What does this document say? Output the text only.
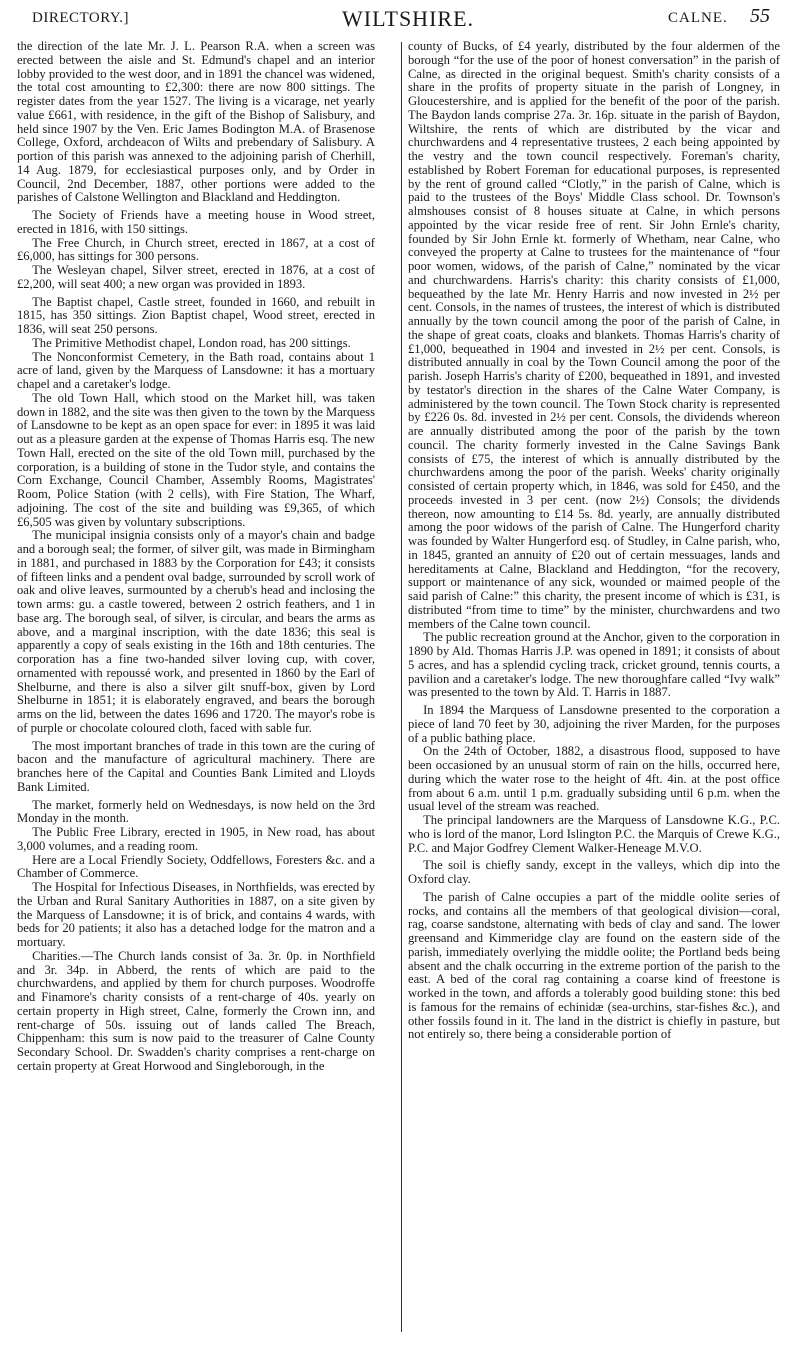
DIRECTORY.]	WILTSHIRE.	CALNE. 55

the direction of the late Mr. J. L. Pearson R.A. when a screen was erected between the aisle and St. Edmund's chapel and an interior lobby provided to the west door, and in 1891 the chancel was widened, the total cost amounting to £2,300: there are now 800 sittings. The register dates from the year 1527. The living is a vicarage, net yearly value £661, with residence, in the gift of the Bishop of Salisbury, and held since 1907 by the Ven. Eric James Bodington M.A. of Brasenose College, Oxford, archdeacon of Wilts and prebendary of Salisbury. A portion of this parish was annexed to the adjoining parish of Cherhill, 14 Aug. 1879, for ecclesiastical purposes only, and by Order in Council, 2nd December, 1887, other portions were added to the parishes of Calstone Wellington and Blackland and Heddington.

The Society of Friends have a meeting house in Wood street, erected in 1816, with 150 sittings.

The Free Church, in Church street, erected in 1867, at a cost of £6,000, has sittings for 300 persons.

The Wesleyan chapel, Silver street, erected in 1876, at a cost of £2,200, will seat 400; a new organ was provided in 1893.

The Baptist chapel, Castle street, founded in 1660, and rebuilt in 1815, has 350 sittings. Zion Baptist chapel, Wood street, erected in 1836, will seat 250 persons.

The Primitive Methodist chapel, London road, has 200 sittings.

The Nonconformist Cemetery, in the Bath road, contains about 1 acre of land, given by the Marquess of Lansdowne: it has a mortuary chapel and a caretaker's lodge.

The old Town Hall, which stood on the Market hill, was taken down in 1882, and the site was then given to the town by the Marquess of Lansdowne to be kept as an open space for ever: in 1895 it was laid out as a pleasure garden at the expense of Thomas Harris esq. The new Town Hall, erected on the site of the old Town mill, purchased by the corporation, is a building of stone in the Tudor style, and contains the Corn Exchange, Council Chamber, Assembly Rooms, Magistrates' Room, Police Station (with 2 cells), with Fire Station, The Wharf, adjoining. The cost of the site and building was £9,365, of which £6,505 was given by voluntary subscriptions.

The municipal insignia consists only of a mayor's chain and badge and a borough seal; the former, of silver gilt, was made in Birmingham in 1881, and purchased in 1883 by the Corporation for £43; it consists of fifteen links and a pendent oval badge, surrounded by scroll work of oak and olive leaves, surmounted by a cherub's head and inclosing the town arms: gu. a castle towered, between 2 ostrich feathers, and 1 in base arg. The borough seal, of silver, is circular, and bears the arms as above, and a marginal inscription, with the date 1836; this seal is apparently a copy of seals existing in the 16th and 18th centuries. The corporation has a fine two-handed silver loving cup, with cover, ornamented with repoussé work, and presented in 1860 by the Earl of Shelburne, and there is also a silver gilt snuff-box, given by Lord Shelburne in 1851; it is elaborately engraved, and bears the borough arms on the lid, between the dates 1696 and 1720. The mayor's robe is of purple or chocolate coloured cloth, faced with sable fur.

The most important branches of trade in this town are the curing of bacon and the manufacture of agricultural machinery. There are branches here of the Capital and Counties Bank Limited and Lloyds Bank Limited.

The market, formerly held on Wednesdays, is now held on the 3rd Monday in the month.

The Public Free Library, erected in 1905, in New road, has about 3,000 volumes, and a reading room.

Here are a Local Friendly Society, Oddfellows, Foresters &c. and a Chamber of Commerce.

The Hospital for Infectious Diseases, in Northfields, was erected by the Urban and Rural Sanitary Authorities in 1887, on a site given by the Marquess of Lansdowne; it is of brick, and contains 4 wards, with beds for 20 patients; it also has a detached lodge for the matron and a mortuary.

Charities.—The Church lands consist of 3a. 3r. 0p. in Northfield and 3r. 34p. in Abberd, the rents of which are paid to the churchwardens, and applied by them for church purposes. Woodroffe and Finamore's charity consists of a rent-charge of 40s. yearly on certain property in High street, Calne, formerly the Crown inn, and rent-charge of 50s. issuing out of lands called The Breach, Chippenham: this sum is now paid to the treasurer of Calne County Secondary School. Dr. Swadden's charity comprises a rent-charge on certain property at Great Horwood and Singleborough, in the

county of Bucks, of £4 yearly, distributed by the four aldermen of the borough “for the use of the poor of honest conversation” in the parish of Calne, as directed in the original bequest. Smith's charity consists of a share in the profits of property situate in the parish of Longney, in Gloucestershire, and is applied for the benefit of the poor of the parish. The Baydon lands comprise 27a. 3r. 16p. situate in the parish of Baydon, Wiltshire, the rents of which are distributed by the vicar and churchwardens and 4 representative trustees, 2 each being appointed by the vestry and the town council respectively. Foreman's charity, established by Robert Foreman for educational purposes, is represented by the rent of ground called “Clotly,” in the parish of Calne, which is paid to the trustees of the Boys' Middle Class school. Dr. Townson's almshouses consist of 8 houses situate at Calne, in which persons appointed by the vicar reside free of rent. Sir John Ernle's charity, founded by Sir John Ernle kt. formerly of Whetham, near Calne, who conveyed the property at Calne to trustees for the maintenance of “four poor women, widows, of the parish of Calne,” nominated by the vicar and churchwardens. Harris's charity: this charity consists of £1,000, bequeathed by the late Mr. Henry Harris and now invested in 2½ per cent. Consols, in the names of trustees, the interest of which is distributed annually by the town council among the poor of the parish of Calne, in the shape of great coats, cloaks and blankets. Thomas Harris's charity of £1,000, bequeathed in 1904 and invested in 2½ per cent. Consols, is distributed annually in coal by the Town Council among the poor of the parish. Joseph Harris's charity of £200, bequeathed in 1891, and invested by testator's direction in the shares of the Calne Water Company, is administered by the town council. The Town Stock charity is represented by £226 0s. 8d. invested in 2½ per cent. Consols, the dividends whereon are annually distributed among the poor of the parish by the town council. The charity formerly invested in the Calne Savings Bank consists of £75, the interest of which is annually distributed by the churchwardens among the poor of the parish. Weeks' charity originally consisted of certain property which, in 1846, was sold for £450, and the proceeds invested in 3 per cent. (now 2½) Consols; the dividends thereon, now amounting to £14 5s. 8d. yearly, are annually distributed among the poor widows of the parish of Calne. The Hungerford charity was founded by Walter Hungerford esq. of Studley, in Calne parish, who, in 1845, granted an annuity of £20 out of certain messuages, lands and hereditaments at Calne, Blackland and Heddington, “for the recovery, support or maintenance of any sick, wounded or maimed people of the said parish of Calne:” this charity, the present income of which is £31, is distributed “from time to time” by the minister, churchwardens and two members of the Calne town council.

The public recreation ground at the Anchor, given to the corporation in 1890 by Ald. Thomas Harris J.P. was opened in 1891; it consists of about 5 acres, and has a splendid cycling track, cricket ground, tennis courts, a pavilion and a caretaker's lodge. The new thoroughfare called “Ivy walk” was presented to the town by Ald. T. Harris in 1887.

In 1894 the Marquess of Lansdowne presented to the corporation a piece of land 70 feet by 30, adjoining the river Marden, for the purposes of a public bathing place.

On the 24th of October, 1882, a disastrous flood, supposed to have been occasioned by an unusual storm of rain on the hills, occurred here, during which the water rose to the height of 4ft. 4in. at the post office from about 6 a.m. until 1 p.m. gradually subsiding until 6 p.m. when the usual level of the stream was reached.

The principal landowners are the Marquess of Lansdowne K.G., P.C. who is lord of the manor, Lord Islington P.C. the Marquis of Crewe K.G., P.C. and Major Godfrey Clement Walker-Heneage M.V.O.

The soil is chiefly sandy, except in the valleys, which dip into the Oxford clay.

The parish of Calne occupies a part of the middle oolite series of rocks, and contains all the members of that geological division—coral, rag, coarse sandstone, alternating with beds of clay and sand. The lower greensand and Kimmeridge clay are found on the eastern side of the parish, immediately overlying the middle oolite; the Portland beds being absent and the chalk occurring in the extreme portion of the parish to the east. A bed of the coral rag containing a coarse kind of freestone is worked in the town, and affords a tolerably good building stone: this bed is famous for the remains of echinidæ (sea-urchins, star-fishes &c.), and other fossils found in it. The land in the district is chiefly in pasture, but not entirely so, there being a considerable portion of
